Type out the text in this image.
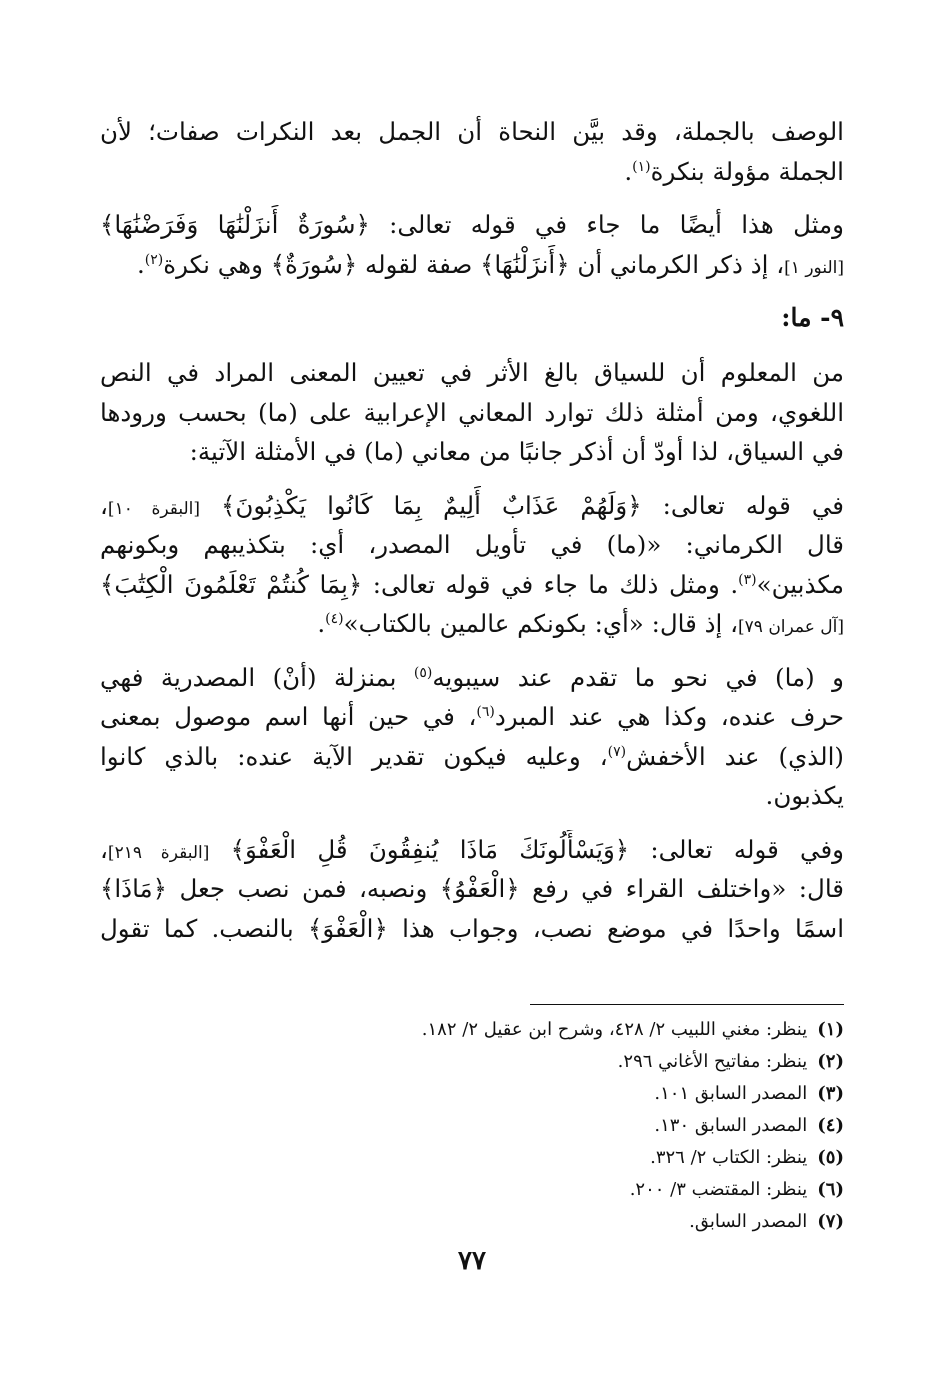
الوصف بالجملة، وقد بيَّن النحاة أن الجمل بعد النكرات صفات؛ لأن
الجملة مؤولة بنكرة$^{(١)}$.
ومثل هذا أيضًا ما جاء في قوله تعالى: ﴿سُورَةٌ أَنزَلْنَٰهَا وَفَرَضْنَٰهَا﴾
[النور ١]، إذ ذكر الكرماني أن ﴿أَنزَلْنَٰهَا﴾ صفة لقوله ﴿سُورَةٌ﴾ وهي نكرة$^{(٢)}$.
٩- ما:
من المعلوم أن للسياق بالغ الأثر في تعيين المعنى المراد في النص
اللغوي، ومن أمثلة ذلك توارد المعاني الإعرابية على (ما) بحسب ورودها
في السياق، لذا أودّ أن أذكر جانبًا من معاني (ما) في الأمثلة الآتية:
في قوله تعالى: ﴿وَلَهُمْ عَذَابٌ أَلِيمٌ بِمَا كَانُوا يَكْذِبُونَ﴾ [البقرة ١٠]،
قال الكرماني: «(ما) في تأويل المصدر، أي: بتكذيبهم وبكونهم
مكذبين»$^{(٣)}$. ومثل ذلك ما جاء في قوله تعالى: ﴿بِمَا كُنتُمْ تَعْلَمُونَ الْكِتَٰبَ﴾
[آل عمران ٧٩]، إذ قال: «أي: بكونكم عالمين بالكتاب»$^{(٤)}$.
و (ما) في نحو ما تقدم عند سيبويه$^{(٥)}$ بمنزلة (أنْ) المصدرية فهي
حرف عنده، وكذا هي عند المبرد$^{(٦)}$، في حين أنها اسم موصول بمعنى
(الذي) عند الأخفش$^{(٧)}$، وعليه فيكون تقدير الآية عنده: بالذي كانوا
يكذبون.
وفي قوله تعالى: ﴿وَيَسْأَلُونَكَ مَاذَا يُنفِقُونَ قُلِ الْعَفْوَ﴾ [البقرة ٢١٩]،
قال: «واختلف القراء في رفع ﴿الْعَفْوُ﴾ ونصبه، فمن نصب جعل ﴿مَاذَا﴾
اسمًا واحدًا في موضع نصب، وجواب هذا ﴿الْعَفْوَ﴾ بالنصب. كما تقول
(١)ينظر: مغني اللبيب ٢/ ٤٢٨، وشرح ابن عقيل ٢/ ١٨٢.
(٢)ينظر: مفاتيح الأغاني ٢٩٦.
(٣)المصدر السابق ١٠١.
(٤)المصدر السابق ١٣٠.
(٥)ينظر: الكتاب ٢/ ٣٢٦.
(٦)ينظر: المقتضب ٣/ ٢٠٠.
(٧)المصدر السابق.
٧٧
